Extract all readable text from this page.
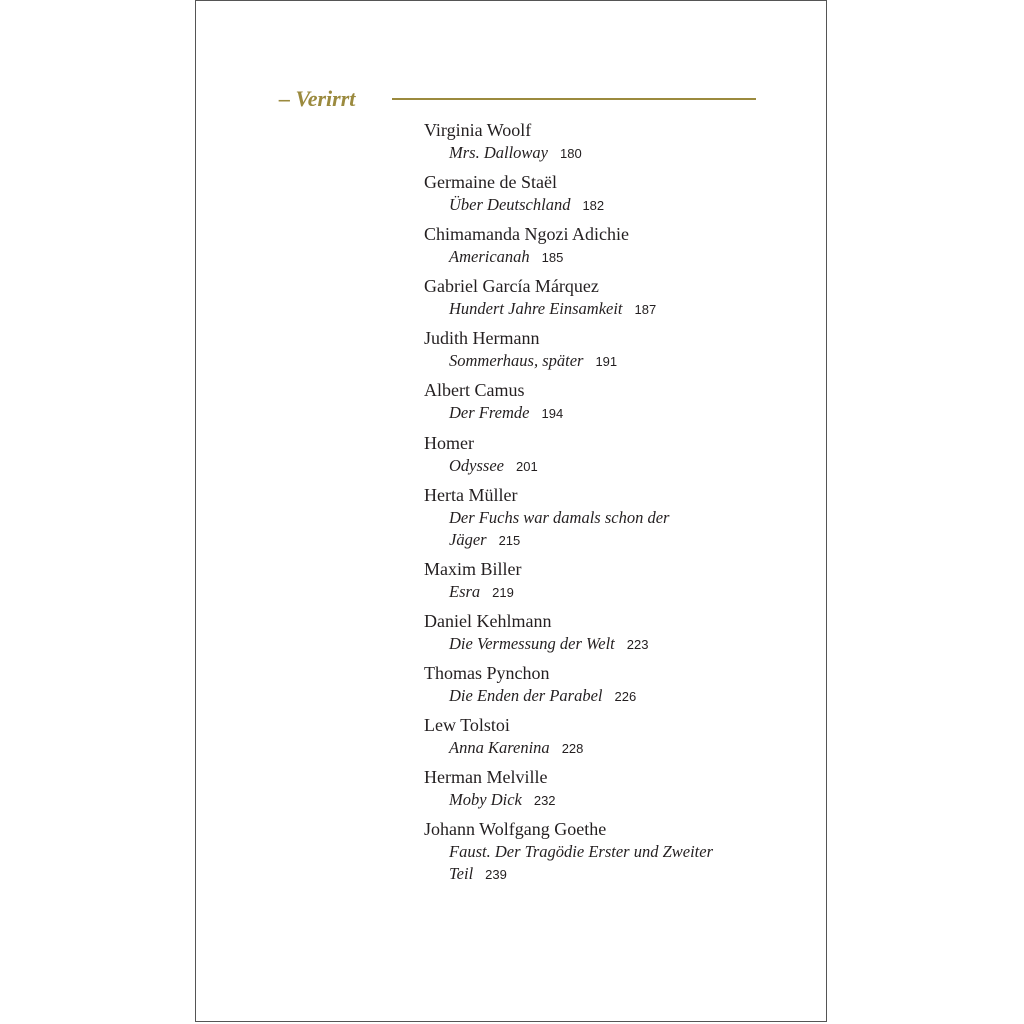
– Verirrt
Virginia Woolf
Mrs. Dalloway 180
Germaine de Staël
Über Deutschland 182
Chimamanda Ngozi Adichie
Americanah 185
Gabriel García Márquez
Hundert Jahre Einsamkeit 187
Judith Hermann
Sommerhaus, später 191
Albert Camus
Der Fremde 194
Homer
Odyssee 201
Herta Müller
Der Fuchs war damals schon der Jäger 215
Maxim Biller
Esra 219
Daniel Kehlmann
Die Vermessung der Welt 223
Thomas Pynchon
Die Enden der Parabel 226
Lew Tolstoi
Anna Karenina 228
Herman Melville
Moby Dick 232
Johann Wolfgang Goethe
Faust. Der Tragödie Erster und Zweiter Teil 239
